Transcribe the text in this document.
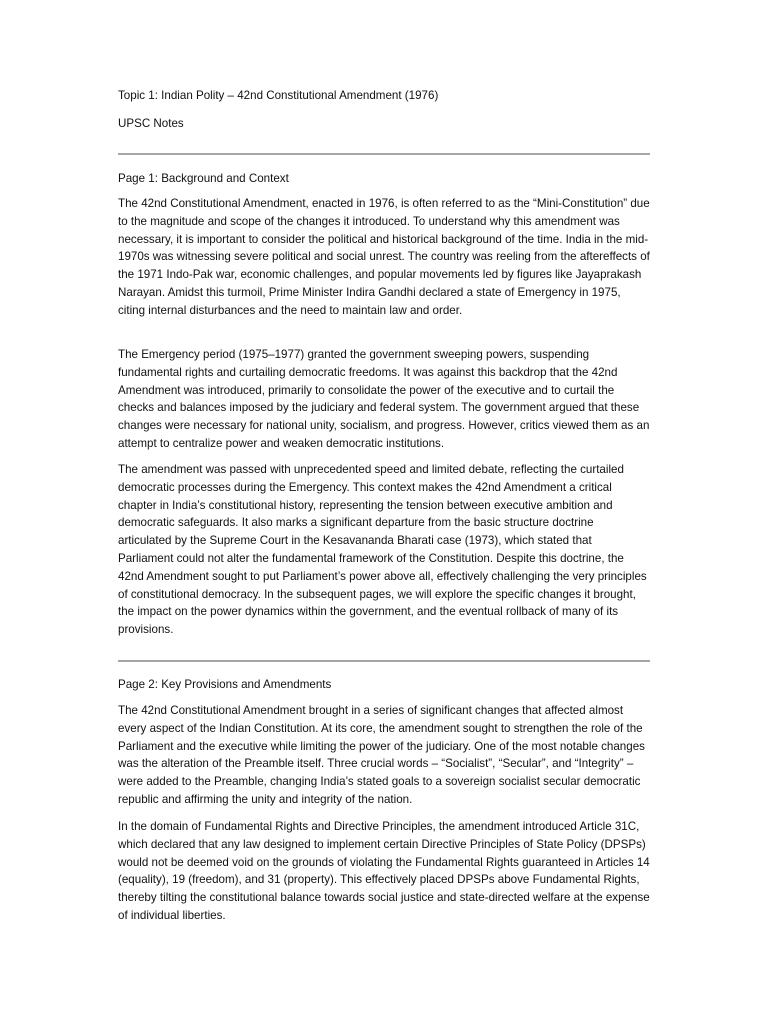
Topic 1: Indian Polity – 42nd Constitutional Amendment (1976)

UPSC Notes

Page 1: Background and Context

The 42nd Constitutional Amendment, enacted in 1976, is often referred to as the “Mini-Constitution” due to the magnitude and scope of the changes it introduced. To understand why this amendment was necessary, it is important to consider the political and historical background of the time. India in the mid-1970s was witnessing severe political and social unrest. The country was reeling from the aftereffects of the 1971 Indo-Pak war, economic challenges, and popular movements led by figures like Jayaprakash Narayan. Amidst this turmoil, Prime Minister Indira Gandhi declared a state of Emergency in 1975, citing internal disturbances and the need to maintain law and order.

The Emergency period (1975–1977) granted the government sweeping powers, suspending fundamental rights and curtailing democratic freedoms. It was against this backdrop that the 42nd Amendment was introduced, primarily to consolidate the power of the executive and to curtail the checks and balances imposed by the judiciary and federal system. The government argued that these changes were necessary for national unity, socialism, and progress. However, critics viewed them as an attempt to centralize power and weaken democratic institutions.

The amendment was passed with unprecedented speed and limited debate, reflecting the curtailed democratic processes during the Emergency. This context makes the 42nd Amendment a critical chapter in India’s constitutional history, representing the tension between executive ambition and democratic safeguards. It also marks a significant departure from the basic structure doctrine articulated by the Supreme Court in the Kesavananda Bharati case (1973), which stated that Parliament could not alter the fundamental framework of the Constitution. Despite this doctrine, the 42nd Amendment sought to put Parliament’s power above all, effectively challenging the very principles of constitutional democracy. In the subsequent pages, we will explore the specific changes it brought, the impact on the power dynamics within the government, and the eventual rollback of many of its provisions.

Page 2: Key Provisions and Amendments

The 42nd Constitutional Amendment brought in a series of significant changes that affected almost every aspect of the Indian Constitution. At its core, the amendment sought to strengthen the role of the Parliament and the executive while limiting the power of the judiciary. One of the most notable changes was the alteration of the Preamble itself. Three crucial words – “Socialist”, “Secular”, and “Integrity” – were added to the Preamble, changing India’s stated goals to a sovereign socialist secular democratic republic and affirming the unity and integrity of the nation.

In the domain of Fundamental Rights and Directive Principles, the amendment introduced Article 31C, which declared that any law designed to implement certain Directive Principles of State Policy (DPSPs) would not be deemed void on the grounds of violating the Fundamental Rights guaranteed in Articles 14 (equality), 19 (freedom), and 31 (property). This effectively placed DPSPs above Fundamental Rights, thereby tilting the constitutional balance towards social justice and state-directed welfare at the expense of individual liberties.
